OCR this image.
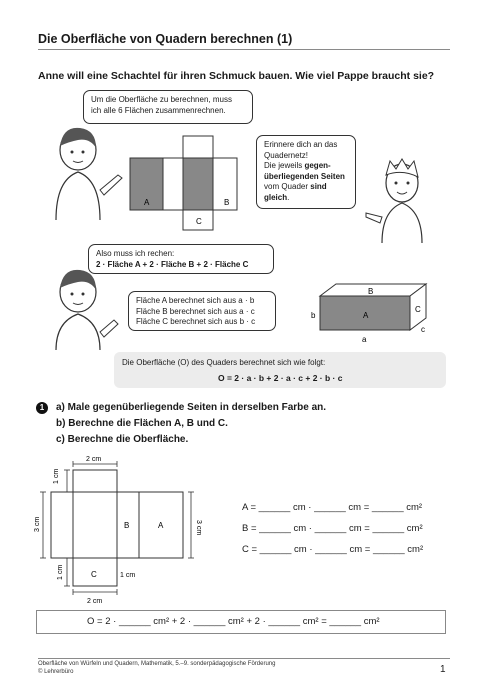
Die Oberfläche von Quadern berechnen (1)
Anne will eine Schachtel für ihren Schmuck bauen. Wie viel Pappe braucht sie?
Um die Oberfläche zu berechnen, muss
ich alle 6 Flächen zusammenrechnen.
A	B
C
Erinnere dich an das
Quadernetz!
Die jeweils gegen-
überliegenden Seiten
vom Quader sind
gleich.
Also muss ich rechen:
2 · Fläche A + 2 · Fläche B + 2 · Fläche C
Fläche A berechnet sich aus a · b
Fläche B berechnet sich aus a · c
Fläche C berechnet sich aus b · c
B
A
C
b
a
c
Die Oberfläche (O) des Quaders berechnet sich wie folgt:
O = 2 · a · b + 2 · a · c + 2 · b · c
1	a) Male gegenüberliegende Seiten in derselben Farbe an.
b) Berechne die Flächen A, B und C.
c) Berechne die Oberfläche.
2 cm
1 cm
3 cm	3 cm
1 cm	1 cm
2 cm
B	A
C
A = ______ cm · ______ cm = ______ cm²
B = ______ cm · ______ cm = ______ cm²
C = ______ cm · ______ cm = ______ cm²
O = 2 · ______ cm² + 2 · ______ cm² + 2 · ______ cm² = ______ cm²
Oberfläche von Würfeln und Quadern, Mathematik, 5.–9. sonderpädagogische Förderung
© Lehrerbüro	1
